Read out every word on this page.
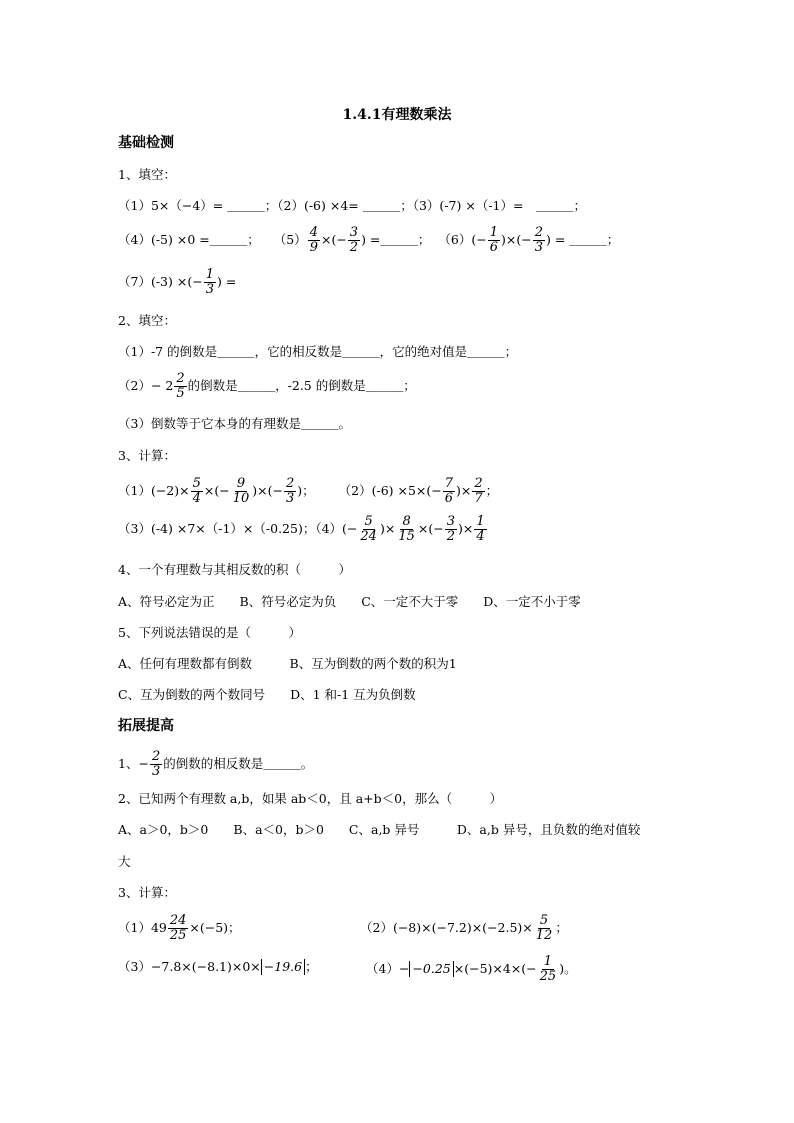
1.4.1有理数乘法
基础检测
1、填空：
（1）5×（−4）= ＿＿＿；（2）(-6) ×4= ＿＿＿；（3）(-7) ×（-1）=　＿＿＿；
（4）(-5) ×0 =＿＿＿； $(5) \frac{4}{9}$ ×(− $\frac{3}{2}$ ) =＿＿＿； $(6)(- \frac{1}{6}$ )×(− $\frac{2}{3}$ ) = ＿＿＿；
（7）(-3) ×(− $\frac{1}{3}$ ) =
2、填空：
（1）-7 的倒数是＿＿＿，它的相反数是＿＿＿，它的绝对值是＿＿＿；
$(2)- 2 \frac{2}{5}$ 的倒数是＿＿＿，-2.5 的倒数是＿＿＿；
（3）倒数等于它本身的有理数是＿＿＿。
3、计算：
$(1)(-2)\times \frac{5}{4}$ ×(− $\frac{9}{10}$ )×(− $\frac{2}{3}$ )； $(2)(-6) \times 5\times(- \frac{7}{6}$ )× $\frac{2}{7}$ ；
（3）(-4) ×7×（-1）×（-0.25)；$(4)(- \frac{5}{24}$ )× $\frac{8}{15}$ ×(− $\frac{3}{2}$ )× $\frac{1}{4}$
4、一个有理数与其相反数的积（　　　）
A、符号必定为正　　B、符号必定为负　　C、一定不大于零　　D、一定不小于零
5、下列说法错误的是（　　　）
A、任何有理数都有倒数　　　B、互为倒数的两个数的积为1
C、互为倒数的两个数同号　　D、1 和-1 互为负倒数
拓展提高
1、− $\frac{2}{3}$ 的倒数的相反数是＿＿＿。
2、已知两个有理数 a,b，如果 ab＜0，且 a+b＜0，那么（　　　）
A、a＞0，b＞0　　B、a＜0，b＞0　　C、a,b 异号　　　D、a,b 异号，且负数的绝对值较
大
3、计算：
$(1)49 \frac{24}{25} \times(-5)$；	$(2)(-8)\times(-7.2)\times(-2.5)\times \frac{5}{12}$ ；
（3）−7.8×(−8.1)×0× −19.6 ；	$(4)- -0.25 \times(-5)\times 4\times(- \frac{1}{25}$ )。
